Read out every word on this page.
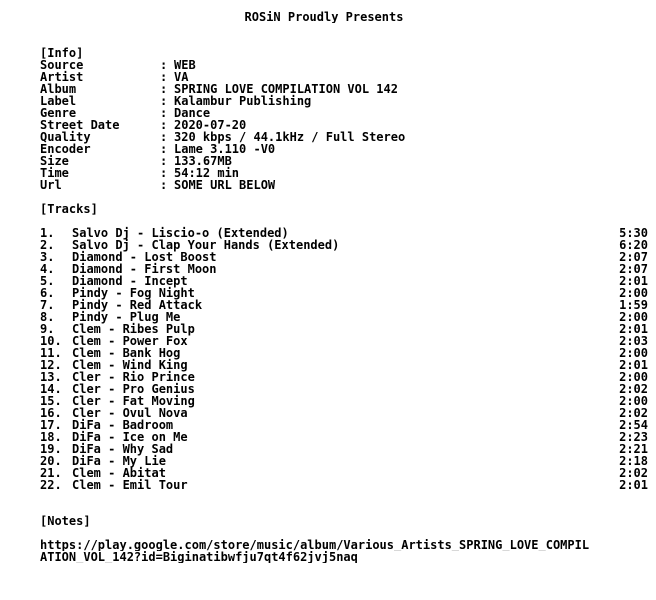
ROSiN Proudly Presents
[Info]
Source	: WEB
Artist	: VA
Album	: SPRING LOVE COMPILATION VOL 142
Label	: Kalambur Publishing
Genre	: Dance
Street Date	: 2020-07-20
Quality	: 320 kbps / 44.1kHz / Full Stereo
Encoder	: Lame 3.110 -V0
Size	: 133.67MB
Time	: 54:12 min
Url	: SOME URL BELOW
[Tracks]
1.	Salvo Dj - Liscio-o (Extended)	5:30
2.	Salvo Dj - Clap Your Hands (Extended)	6:20
3.	Diamond - Lost Boost	2:07
4.	Diamond - First Moon	2:07
5.	Diamond - Incept	2:01
6.	Pindy - Fog Night	2:00
7.	Pindy - Red Attack	1:59
8.	Pindy - Plug Me	2:00
9.	Clem - Ribes Pulp	2:01
10. Clem - Power Fox	2:03
11. Clem - Bank Hog	2:00
12. Clem - Wind King	2:01
13. Cler - Rio Prince	2:00
14. Cler - Pro Genius	2:02
15. Cler - Fat Moving	2:00
16. Cler - Ovul Nova	2:02
17. DiFa - Badroom	2:54
18. DiFa - Ice on Me	2:23
19. DiFa - Why Sad	2:21
20. DiFa - My Lie	2:18
21. Clem - Abitat	2:02
22. Clem - Emil Tour	2:01
[Notes]
https://play.google.com/store/music/album/Various_Artists_SPRING_LOVE_COMPIL
ATION_VOL_142?id=Biginatibwfju7qt4f62jvj5naq
